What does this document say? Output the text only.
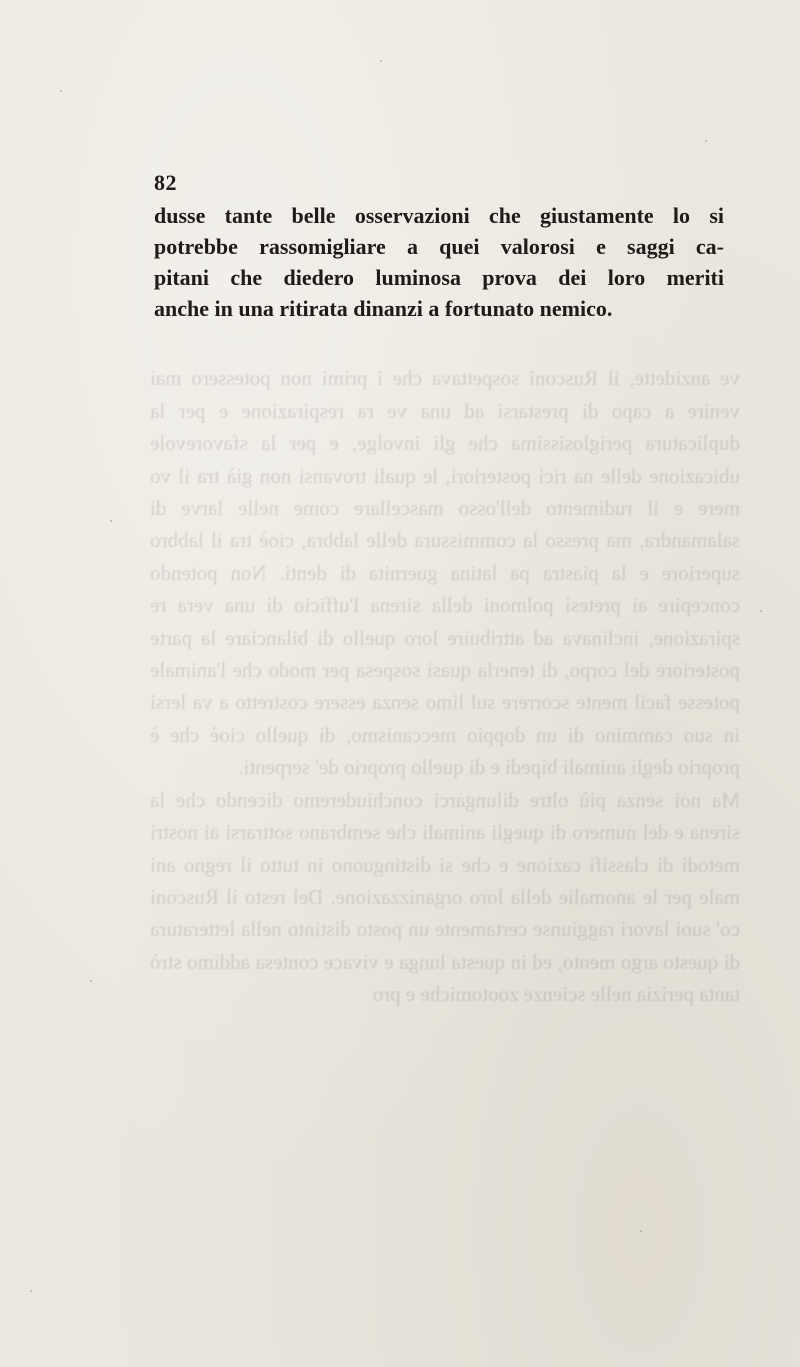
ve anzidette, il Rusconi sospettava che i primi non potessero mai venire a capo di prestarsi ad una ve ra respirazione e per la duplicatura periglosissima che gli involge, e per la sfavorevole ubicazione delle na rici posteriori, le quali trovansi non già tra il vo mere e il rudimento dell'osso mascellare come nelle larve di salamandra, ma presso la commissura delle labbra, cioè tra il labbro superiore e la piastra pa latina guernita di denti. Non potendo concepire ai pretesi polmoni della sirena l'ufficio di una vera re spirazione, inclinava ad attribuire loro quello di bilanciare la parte posteriore del corpo, di tenerla quasi sospesa per modo che l'animale potesse facil mente scorrere sul limo senza essere costretto a va lersi in suo cammino di un doppio meccanismo, di quello cioè che è proprio degli animali bipedi e di quello proprio de' serpenti.
Ma noi senza più oltre dilungarci conchiuderemo dicendo che la sirena e del numero di quegli animali che sembrano sottrarsi ai nostri metodi di classifi cazione e che si distinguono in tutto il regno ani male per le anomalie della loro organizzazione. Del resto il Rusconi co' suoi lavori raggiunse certamente un posto distinto nella letteratura di questo argo mento, ed in questa lunga e vivace contesa addimo strò tanta perizia nelle scienze zootomiche e pro

82
dusse tante belle osservazioni che giustamente lo si
potrebbe rassomigliare a quei valorosi e saggi ca-
pitani che diedero luminosa prova dei loro meriti
anche in una ritirata dinanzi a fortunato nemico.
